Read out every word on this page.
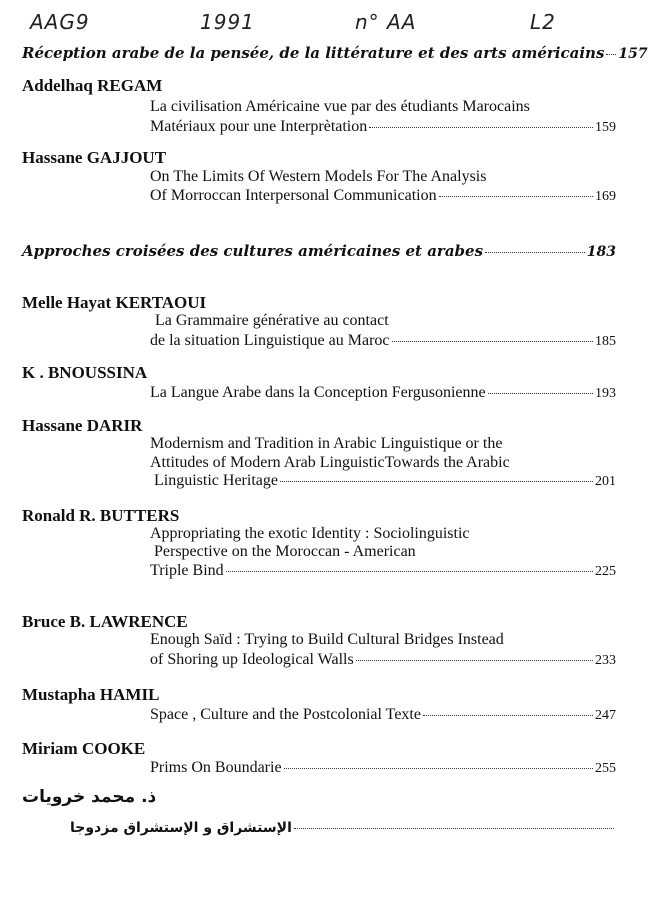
AAG9	1991	n° AA	L2
Réception arabe de la pensée, de la littérature et des arts américains 157
Addelhaq REGAM
La civilisation Américaine vue par des étudiants Marocains
Matériaux pour une Interprètation	159
Hassane GAJJOUT
On The Limits Of Western Models For The Analysis
Of Morroccan Interpersonal Communication	169
Approches croisées des cultures américaines et arabes	183
Melle Hayat KERTAOUI
La Grammaire générative au contact
de la situation Linguistique au Maroc	185
K . BNOUSSINA
La Langue Arabe dans la Conception Fergusonienne	193
Hassane DARIR
Modernism and Tradition in Arabic Linguistique or the
Attitudes of Modern Arab LinguisticTowards the Arabic
Linguistic Heritage	201
Ronald R. BUTTERS
Appropriating the exotic Identity : Sociolinguistic
Perspective on the Moroccan - American
Triple Bind	225
Bruce B. LAWRENCE
Enough Saïd : Trying to Build Cultural Bridges Instead
of Shoring up Ideological Walls	233
Mustapha HAMIL
Space , Culture and the Postcolonial Texte	247
Miriam COOKE
Prims On Boundarie	255
ذ. محمد خرويات
الإستشراق و الإستشراق مزدوجا
